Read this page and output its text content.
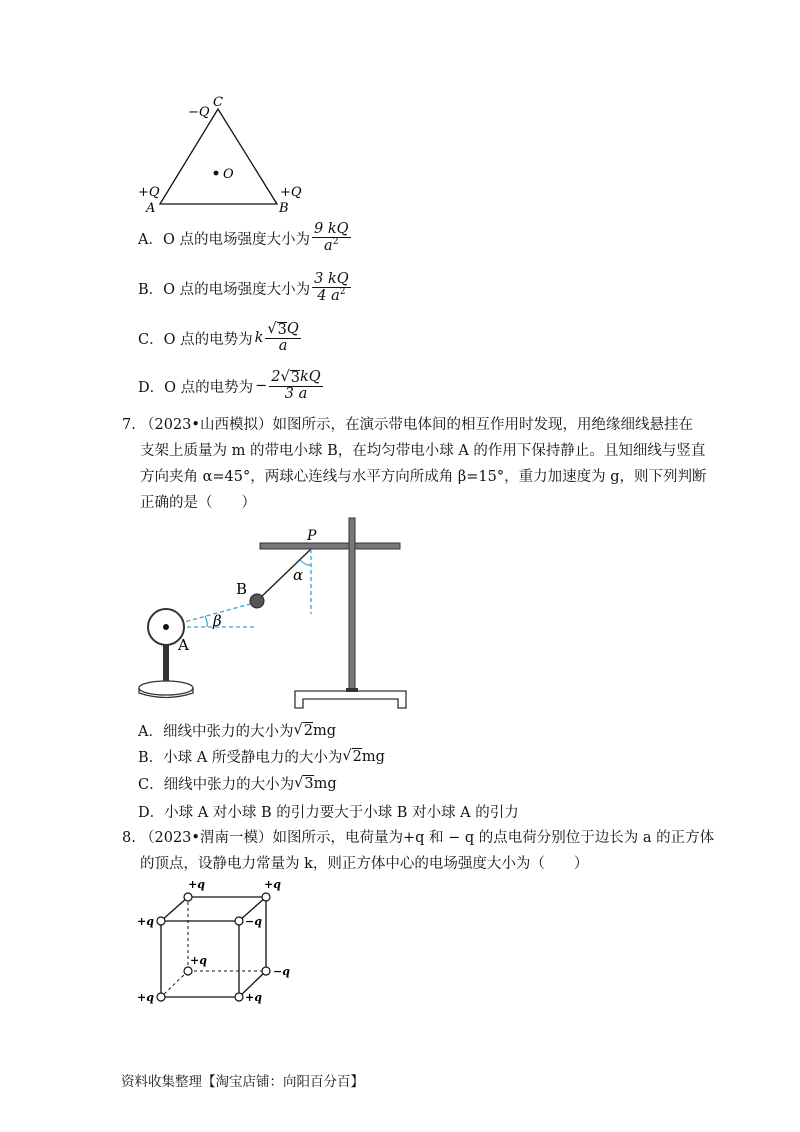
C
−Q
O
+Q
A
+Q
B
A． O 点的电场强度大小为 $\frac{9 kQ}{a^2}$
B． O 点的电场强度大小为 $\frac{3 kQ}{4 a^2}$
C． O 点的电势为 k $\frac{√ 3 Q}{a}$
D． O 点的电势为 − $\frac{2 √ 3 kQ}{3 a}$
7. （2023•山西模拟）如图所示，在演示带电体间的相互作用时发现，用绝缘细线悬挂在
支架上质量为 m 的带电小球 B，在均匀带电小球 A 的作用下保持静止。且知细线与竖直
方向夹角 α=45°，两球心连线与水平方向所成角 β=15°，重力加速度为 g，则下列判断
正确的是（　　）
P
α
B
β
A
A． 细线中张力的大小为 √ 2 mg
B． 小球 A 所受静电力的大小为 √ 2 mg
C． 细线中张力的大小为 √ 3 mg
D． 小球 A 对小球 B 的引力要大于小球 B 对小球 A 的引力
8. （2023•渭南一模）如图所示，电荷量为+q 和 − q 的点电荷分别位于边长为 a 的正方体
的顶点，设静电力常量为 k，则正方体中心的电场强度大小为（　　）
+q	+q
+q	−q
+q
−q
+q	+q
资料收集整理【淘宝店铺：向阳百分百】
